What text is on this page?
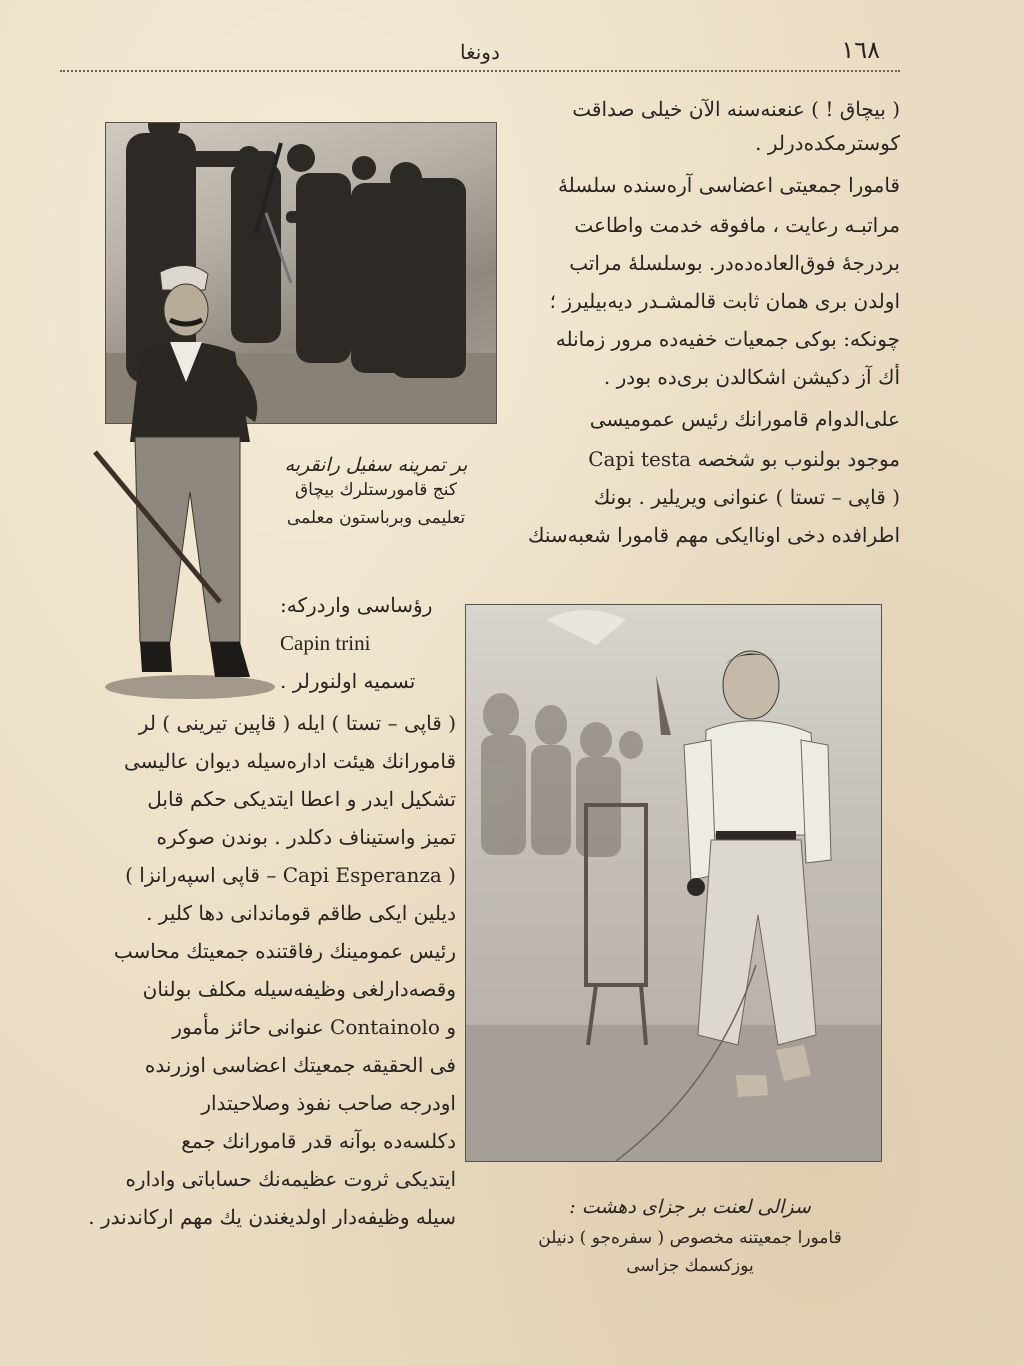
١٦٨
دونغا
( بيچاق ! ) عنعنه‌سنه الآن خيلى صداقت
كوسترمكده‌درلر .
قامورا جمعيتى اعضاسى آره‌سنده سلسلهٔ
مراتبـه رعايت ، مافوقه خدمت واطاعت
بردرجهٔ فوق‌العاده‌ده‌در. بوسلسلهٔ مراتب
اولدن برى همان ثابت قالمشـدر ديه‌بيليرز ؛
چونكه: بوكى جمعيات خفيه‌ده مرور زمانله
أك آز دكيشن اشكالدن برى‌ده بودر .
على‌الدوام قامورانك رئيس عموميسى
موجود بولنوب بو شخصه Capi testa
( قاپى – تستا ) عنوانى ويريلير . بونك
اطرافده دخى اوناايكى مهم قامورا شعبه‌سنك
بر تمرينه سفيل رانقربه
كنج قامورستلرك بيچاق
تعليمى وبرباستون معلمى
رؤساسى واردركه:
Capin trini
تسميه اولنورلر .
( قاپى – تستا ) ايله ( قاپين تيرينى ) لر
قامورانك هيئت اداره‌سيله ديوان عاليسى
تشكيل ايدر و اعطا ايتديكى حكم قابل
تميز واستيناف دكلدر . بوندن صوكره
( Capi Esperanza – قاپى اسپه‌رانزا )
ديلين ايكى طاقم قوماندانى دها كلير .
رئيس عمومينك رفاقتنده جمعيتك محاسب
وقصه‌دارلغى وظيفه‌سيله مكلف بولنان
و Containolo عنوانى حائز مأمور
فى الحقيقه جمعيتك اعضاسى اوزرنده
اودرجه صاحب نفوذ وصلاحيتدار
دكلسه‌ده بوآنه قدر قامورانك جمع
ايتديكى ثروت عظيمه‌نك حساباتى واداره‌
سيله وظيفه‌دار اولديغندن يك مهم اركاندندر .	سزالى لعنت بر جزاى دهشت :
قامورا جمعيتنه مخصوص ( سفره‌جو ) دنيلن
يوزكسمك جزاسى
